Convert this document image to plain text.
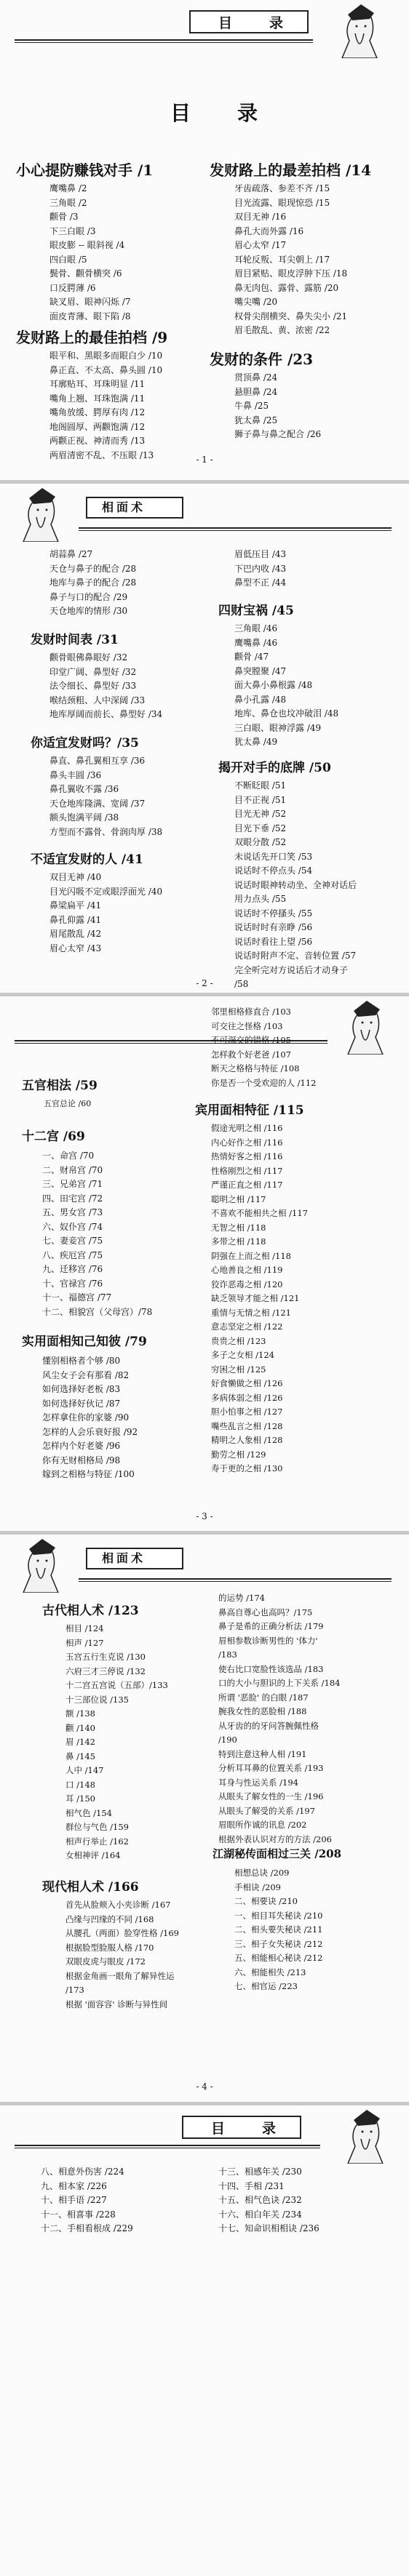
目　录
目　录
小心提防赚钱对手 /1
鹰嘴鼻 /2
三角眼 /2
颧骨 /3
下三白眼 /3
眼皮膨 -- 眼斜视 /4
四白眼 /5
鬓骨、颧骨横突 /6
口反腭薄 /6
缺叉眉、眼神闪烁 /7
面皮青薄、眼下陷 /8
发财路上的最佳拍档 /9
眼平和、黑眼多而眼白少 /10
鼻正直、不太高、鼻头圆 /10
耳廓贴耳、耳珠明显 /11
嘴角上翘、耳珠饱满 /11
嘴角放缓、腭厚有肉 /12
地阁圆厚、两颧饱满 /12
两颧正视、神清而秀 /13
两眉清密不乱、不压眼 /13
发财路上的最差拍档 /14
牙齿疏落、参差不齐 /15
目光流露、眼现惊恐 /15
双目无神 /16
鼻孔大而外露 /16
眉心太窄 /17
耳轮反叛、耳尖朝上 /17
眉目紧贴、眼皮浮肿下压 /18
鼻无肉包、露骨、露筋 /20
嘴尖嘴 /20
权骨尖削横突、鼻失尖小 /21
眉毛散乱、黄、浓密 /22
发财的条件 /23
贯顶鼻 /24
悬胆鼻 /24
牛鼻 /25
犹太鼻 /25
狮子鼻与鼻之配合 /26
- 1 -
相面术
胡蒜鼻 /27
天仓与鼻子的配合 /28
地库与鼻子的配合 /28
鼻子与口的配合 /29
天仓地库的情形 /30
发财时间表 /31
颧骨眼佛鼻眼好 /32
印堂广阔、鼻型好 /32
法令细长、鼻型好 /33
喉结颈粗、人中深阔 /33
地库厚阔而前长、鼻型好 /34
你适宜发财吗？/35
鼻直、鼻孔翼相互享 /36
鼻头丰圆 /36
鼻孔翼收不露 /36
天仓地库隆满、宽阔 /37
额头饱满平阔 /38
方型而不露骨、骨润肉厚 /38
不适宜发财的人 /41
双目无神 /40
目光闪吸不定或眼浮面光 /40
鼻梁扁平 /41
鼻孔仰露 /41
眉尾散乱 /42
眉心太窄 /43
眉低压目 /43
下巴内收 /43
鼻型不正 /44
四财宝祸 /45
三角眼 /46
鹰嘴鼻 /46
颧骨 /47
鼻突膛聚 /47
面大鼻小鼻根露 /48
鼻小孔露 /48
地库、鼻仓也坟冲破泪 /48
三白眼、眼神浮露 /49
犹太鼻 /49
揭开对手的底牌 /50
不断眨眼 /51
目不正视 /51
目光无神 /52
目光下垂 /52
双眼分散 /52
未说话先开口笑 /53
说话时不停点头 /54
说话时眼神转动坐、全神对话后
用力点头 /55
说话时不停搔头 /55
说话时时有亲睁 /56
说话时看往上望 /56
说话时附声不定、音转位置 /57
完全听完对方说话后才动身子
/58
- 2 -
五官相法 /59
五官总论 /60
十二宫 /69
一、命宫 /70
二、财帛宫 /70
三、兄弟宫 /71
四、田宅宫 /72
五、男女宫 /73
六、奴仆宫 /74
七、妻妾宫 /75
八、疾厄宫 /75
九、迁移宫 /76
十、官禄宫 /76
十一、福德宫 /77
十二、相貌宫（父母宫）/78
实用面相知己知彼 /79
懂别相格者个够 /80
风尘女子会有那看 /82
如何选择好老板 /83
如何选择好伙记 /87
怎样拿住你的家婆 /90
怎样的人会乐衰好报 /92
怎样内个好老婆 /96
你有无财相格局 /98
嫁到之相格与特征 /100
邻里相格修直合 /103
可交往之怪格 /103
不可深交的错格 /105
怎样救个好老爸 /107
断天之格格与特征 /108
你是否一个受欢迎的人 /112
宾用面相特征 /115
假途光明之相 /116
内心好作之相 /116
热情好客之相 /116
性格刚烈之相 /117
严谨正直之相 /117
聪明之相 /117
不喜欢不能相共之相 /117
无智之相 /118
多带之相 /118
阴强在上而之相 /118
心地善良之相 /119
狡诈恶毒之相 /120
缺乏领导才能之相 /121
重情与无情之相 /121
意志坚定之相 /122
贵贵之相 /123
多子之女相 /124
穷困之相 /125
好食懒做之相 /126
多病体弱之相 /126
胆小怕事之相 /127
嘴些乱言之相 /128
精明之人象相 /128
勤劳之相 /129
寿于更的之相 /130
- 3 -
相面术
古代相人术 /123
相目 /124
相声 /127
玉宫五行生克说 /130
六府三才三停说 /132
十二宫五宫说（五部）/133
十三部位说 /135
额 /138
颧 /140
眉 /142
鼻 /145
人中 /147
口 /148
耳 /150
相气色 /154
群位与气色 /159
相声行举止 /162
女相神评 /164
现代相人术 /166
首先从脸颊入小夹诊断 /167
凸缘与凹缘的不同 /168
从腰孔（两面）脸穿性格 /169
根据脸型脸服人格 /170
双眼皮虎与眼皮 /172
根据金角画一眼角了解异性运
/173
根据 '面容容' 诊断与异性间
的运势 /174
鼻高自尊心也高吗？/175
鼻子是希的正确分析法 /179
眉相参数诊断男性的 '体力'
/183
使右比口宽脸性该选品 /183
口的大小与胆识的上下关系 /184
所谓 '恶脸' 的白眼 /187
腕我女性的恶脸相 /188
从牙齿的的牙问答腕佩性格
/190
特到注意这种人相 /191
分析耳耳鼻的位置关系 /193
耳身与性运关系 /194
从眼头了解女性的一生 /196
从眼头了解受的关系 /197
眉眼所作诚的讯息 /202
根据外表认识对方的方法 /206
江湖秘传面相过三关 /208
相想总诀 /209
手相诀 /209
二、相要诀 /210
一、相目耳失秘诀 /210
二、相头要失秘诀 /211
三、相子女失秘诀 /212
五、相能相心秘诀 /212
六、相能相失 /213
七、相官运 /223
- 4 -
目　录
八、相意外伤害 /224
九、相本家 /226
十、相手语 /227
十一、相喜事 /228
十二、手相看根成 /229
十三、相感年关 /230
十四、手相 /231
十五、相气色诀 /232
十六、相白年关 /234
十七、知命识相相诀 /236
